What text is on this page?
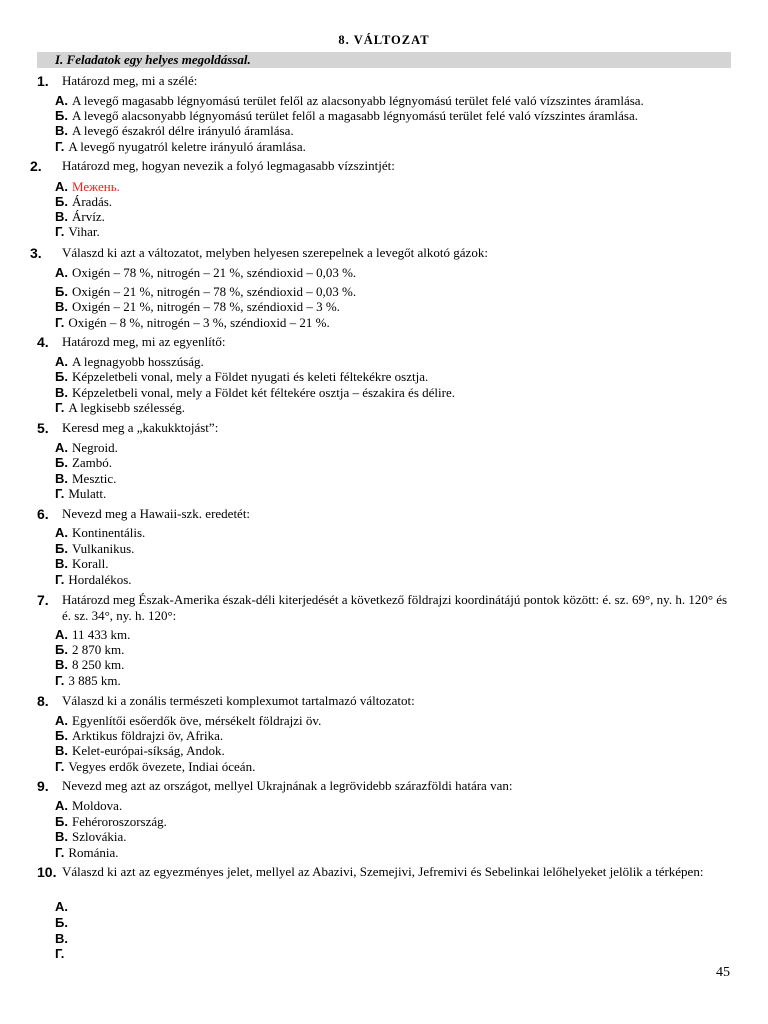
8. VÁLTOZAT
I. Feladatok egy helyes megoldással.
1. Határozd meg, mi a szélé:
А. A levegő magasabb légnyomású terület felől az alacsonyabb légnyomású terület felé való vízszintes áramlása.
Б. A levegő alacsonyabb légnyomású terület felől a magasabb légnyomású terület felé való vízszintes áramlása.
В. A levegő északról délre irányuló áramlása.
Г. A levegő nyugatról keletre irányuló áramlása.
2. Határozd meg, hogyan nevezik a folyó legmagasabb vízszintjét:
А. Межень.
Б. Áradás.
В. Árvíz.
Г. Vihar.
3. Válaszd ki azt a változatot, melyben helyesen szerepelnek a levegőt alkotó gázok:
А. Oxigén – 78 %, nitrogén – 21 %, széndioxid – 0,03 %.
Б. Oxigén – 21 %, nitrogén – 78 %, széndioxid – 0,03 %.
В. Oxigén – 21 %, nitrogén – 78 %, széndioxid – 3 %.
Г. Oxigén – 8 %, nitrogén – 3 %, széndioxid – 21 %.
4. Határozd meg, mi az egyenlítő:
А. A legnagyobb hosszúság.
Б. Képzeletbeli vonal, mely a Földet nyugati és keleti féltekékre osztja.
В. Képzeletbeli vonal, mely a Földet két féltekére osztja – északira és délire.
Г. A legkisebb szélesség.
5. Keresd meg a „kakukktojást”:
А. Negroid.
Б. Zambó.
В. Mesztic.
Г. Mulatt.
6. Nevezd meg a Hawaii-szk. eredetét:
А. Kontinentális.
Б. Vulkanikus.
В. Korall.
Г. Hordalékos.
7. Határozd meg Észak-Amerika észak-déli kiterjedését a következő földrajzi koordinátájú pontok között: é. sz. 69°, ny. h. 120° és é. sz. 34°, ny. h. 120°:
А. 11 433 km.
Б. 2 870 km.
В. 8 250 km.
Г. 3 885 km.
8. Válaszd ki a zonális természeti komplexumot tartalmazó változatot:
А. Egyenlítői esőerdők öve, mérsékelt földrajzi öv.
Б. Arktikus földrajzi öv, Afrika.
В. Kelet-európai-síkság, Andok.
Г. Vegyes erdők övezete, Indiai óceán.
9. Nevezd meg azt az országot, mellyel Ukrajnának a legrövidebb szárazföldi határa van:
А. Moldova.
Б. Fehéroroszország.
В. Szlovákia.
Г. Románia.
10. Válaszd ki azt az egyezményes jelet, mellyel az Abazivi, Szemejivi, Jefremivi és Sebelinkai lelőhelyeket jelölik a térképen:
А.
Б.
В.
Г.
45
